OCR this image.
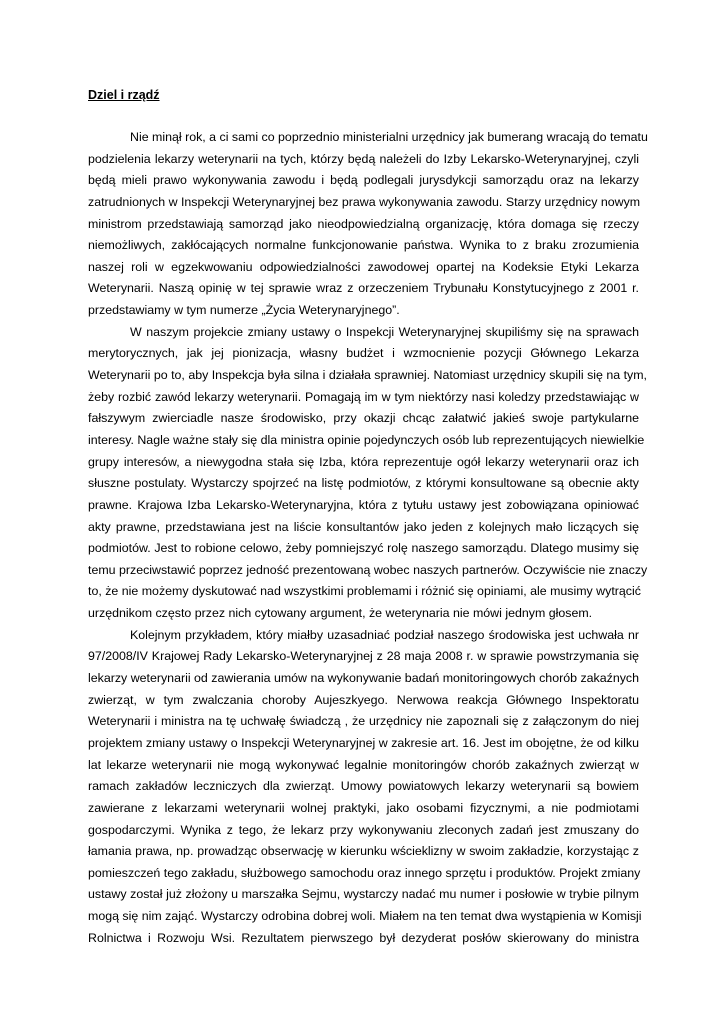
Dziel i rządź
Nie minął rok, a ci sami co poprzednio ministerialni urzędnicy jak bumerang wracają do tematu
podzielenia lekarzy weterynarii na tych, którzy będą należeli do Izby Lekarsko-Weterynaryjnej, czyli
będą mieli prawo wykonywania zawodu i będą podlegali jurysdykcji samorządu oraz na lekarzy
zatrudnionych w Inspekcji Weterynaryjnej bez prawa wykonywania zawodu. Starzy urzędnicy nowym
ministrom przedstawiają samorząd jako nieodpowiedzialną organizację, która domaga się rzeczy
niemożliwych, zakłócających normalne funkcjonowanie państwa. Wynika to z braku zrozumienia
naszej roli w egzekwowaniu odpowiedzialności zawodowej opartej na Kodeksie Etyki Lekarza
Weterynarii. Naszą opinię w tej sprawie wraz z orzeczeniem Trybunału Konstytucyjnego z 2001 r.
przedstawiamy w tym numerze „Życia Weterynaryjnego”.
W naszym projekcie zmiany ustawy o Inspekcji Weterynaryjnej skupiliśmy się na sprawach
merytorycznych, jak jej pionizacja, własny budżet i wzmocnienie pozycji Głównego Lekarza
Weterynarii po to, aby Inspekcja była silna i działała sprawniej. Natomiast urzędnicy skupili się na tym,
żeby rozbić zawód lekarzy weterynarii. Pomagają im w tym niektórzy nasi koledzy przedstawiając w
fałszywym zwierciadle nasze środowisko, przy okazji chcąc załatwić jakieś swoje partykularne
interesy. Nagle ważne stały się dla ministra opinie pojedynczych osób lub reprezentujących niewielkie
grupy interesów, a niewygodna stała się Izba, która reprezentuje ogół lekarzy weterynarii oraz ich
słuszne postulaty. Wystarczy spojrzeć na listę podmiotów, z którymi konsultowane są obecnie akty
prawne. Krajowa Izba Lekarsko-Weterynaryjna, która z tytułu ustawy jest zobowiązana opiniować
akty prawne, przedstawiana jest na liście konsultantów jako jeden z kolejnych mało liczących się
podmiotów. Jest to robione celowo, żeby pomniejszyć rolę naszego samorządu. Dlatego musimy się
temu przeciwstawić poprzez jedność prezentowaną wobec naszych partnerów. Oczywiście nie znaczy
to, że nie możemy dyskutować nad wszystkimi problemami i różnić się opiniami, ale musimy wytrącić
urzędnikom często przez nich cytowany argument, że weterynaria nie mówi jednym głosem.
Kolejnym przykładem, który miałby uzasadniać podział naszego środowiska jest uchwała nr
97/2008/IV Krajowej Rady Lekarsko-Weterynaryjnej z 28 maja 2008 r. w sprawie powstrzymania się
lekarzy weterynarii od zawierania umów na wykonywanie badań monitoringowych chorób zakaźnych
zwierząt, w tym zwalczania choroby Aujeszkyego. Nerwowa reakcja Głównego Inspektoratu
Weterynarii i ministra na tę uchwałę świadczą , że urzędnicy nie zapoznali się z załączonym do niej
projektem zmiany ustawy o Inspekcji Weterynaryjnej w zakresie art. 16. Jest im obojętne, że od kilku
lat lekarze weterynarii nie mogą wykonywać legalnie monitoringów chorób zakaźnych zwierząt w
ramach zakładów leczniczych dla zwierząt. Umowy powiatowych lekarzy weterynarii są bowiem
zawierane z lekarzami weterynarii wolnej praktyki, jako osobami fizycznymi, a nie podmiotami
gospodarczymi. Wynika z tego, że lekarz przy wykonywaniu zleconych zadań jest zmuszany do
łamania prawa, np. prowadząc obserwację w kierunku wścieklizny w swoim zakładzie, korzystając z
pomieszczeń tego zakładu, służbowego samochodu oraz innego sprzętu i produktów. Projekt zmiany
ustawy został już złożony u marszałka Sejmu, wystarczy nadać mu numer i posłowie w trybie pilnym
mogą się nim zająć. Wystarczy odrobina dobrej woli. Miałem na ten temat dwa wystąpienia w Komisji
Rolnictwa i Rozwoju Wsi. Rezultatem pierwszego był dezyderat posłów skierowany do ministra
